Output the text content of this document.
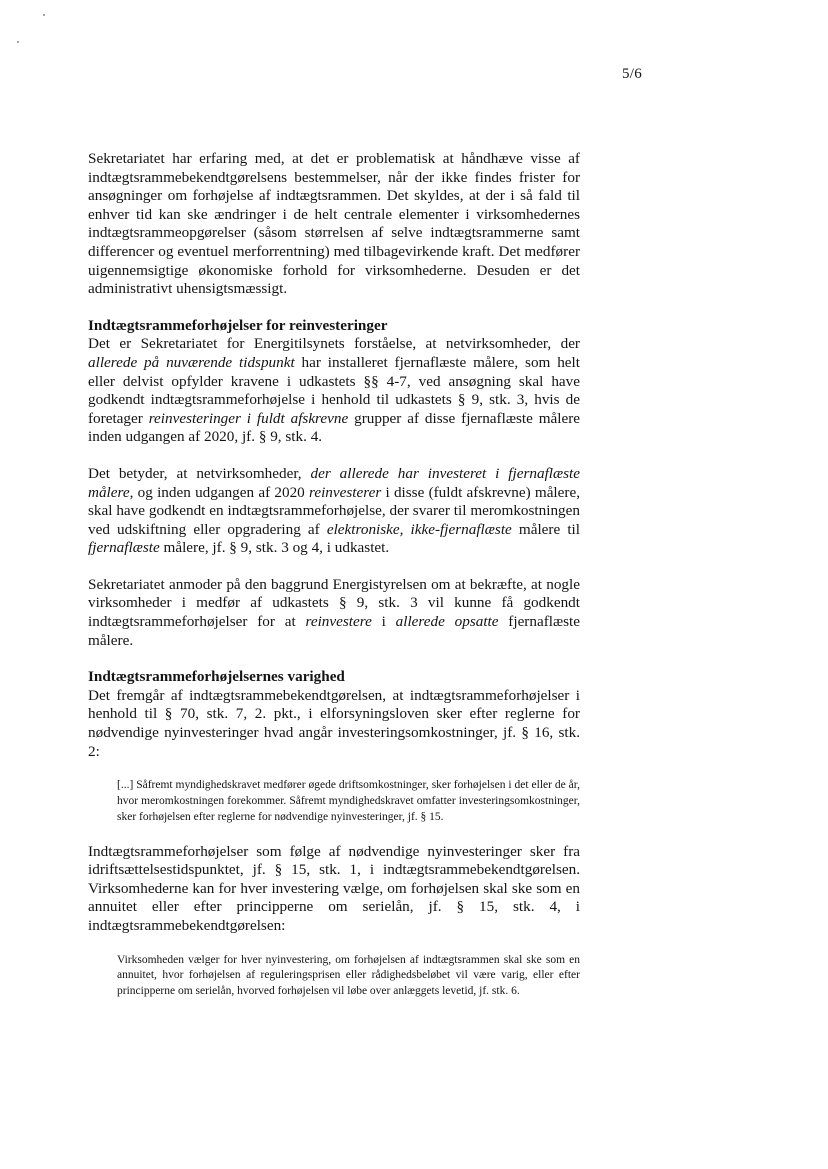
5/6

Sekretariatet har erfaring med, at det er problematisk at håndhæve visse af indtægtsrammebekendtgørelsens bestemmelser, når der ikke findes frister for ansøgninger om forhøjelse af indtægtsrammen. Det skyldes, at der i så fald til enhver tid kan ske ændringer i de helt centrale elementer i virksomhedernes indtægtsrammeopgørelser (såsom størrelsen af selve indtægtsrammerne samt differencer og eventuel merforrentning) med tilbagevirkende kraft. Det medfører uigennemsigtige økonomiske forhold for virksomhederne. Desuden er det administrativt uhensigtsmæssigt.

Indtægtsrammeforhøjelser for reinvesteringer

Det er Sekretariatet for Energitilsynets forståelse, at netvirksomheder, der allerede på nuværende tidspunkt har installeret fjernaflæste målere, som helt eller delvist opfylder kravene i udkastets §§ 4-7, ved ansøgning skal have godkendt indtægtsrammeforhøjelse i henhold til udkastets § 9, stk. 3, hvis de foretager reinvesteringer i fuldt afskrevne grupper af disse fjernaflæste målere inden udgangen af 2020, jf. § 9, stk. 4.

Det betyder, at netvirksomheder, der allerede har investeret i fjernaflæste målere, og inden udgangen af 2020 reinvesterer i disse (fuldt afskrevne) målere, skal have godkendt en indtægtsrammeforhøjelse, der svarer til meromkostningen ved udskiftning eller opgradering af elektroniske, ikke-fjernaflæste målere til fjernaflæste målere, jf. § 9, stk. 3 og 4, i udkastet.

Sekretariatet anmoder på den baggrund Energistyrelsen om at bekræfte, at nogle virksomheder i medfør af udkastets § 9, stk. 3 vil kunne få godkendt indtægtsrammeforhøjelser for at reinvestere i allerede opsatte fjernaflæste målere.

Indtægtsrammeforhøjelsernes varighed

Det fremgår af indtægtsrammebekendtgørelsen, at indtægtsrammeforhøjelser i henhold til § 70, stk. 7, 2. pkt., i elforsyningsloven sker efter reglerne for nødvendige nyinvesteringer hvad angår investeringsomkostninger, jf. § 16, stk. 2:

[...] Såfremt myndighedskravet medfører øgede driftsomkostninger, sker forhøjelsen i det eller de år, hvor meromkostningen forekommer. Såfremt myndighedskravet omfatter investeringsomkostninger, sker forhøjelsen efter reglerne for nødvendige nyinvesteringer, jf. § 15.

Indtægtsrammeforhøjelser som følge af nødvendige nyinvesteringer sker fra idriftsættelsestidspunktet, jf. § 15, stk. 1, i indtægtsrammebekendtgørelsen. Virksomhederne kan for hver investering vælge, om forhøjelsen skal ske som en annuitet eller efter principperne om serielån, jf. § 15, stk. 4, i indtægtsrammebekendtgørelsen:

Virksomheden vælger for hver nyinvestering, om forhøjelsen af indtægtsrammen skal ske som en annuitet, hvor forhøjelsen af reguleringsprisen eller rådighedsbeløbet vil være varig, eller efter principperne om serielån, hvorved forhøjelsen vil løbe over anlæggets levetid, jf. stk. 6.
